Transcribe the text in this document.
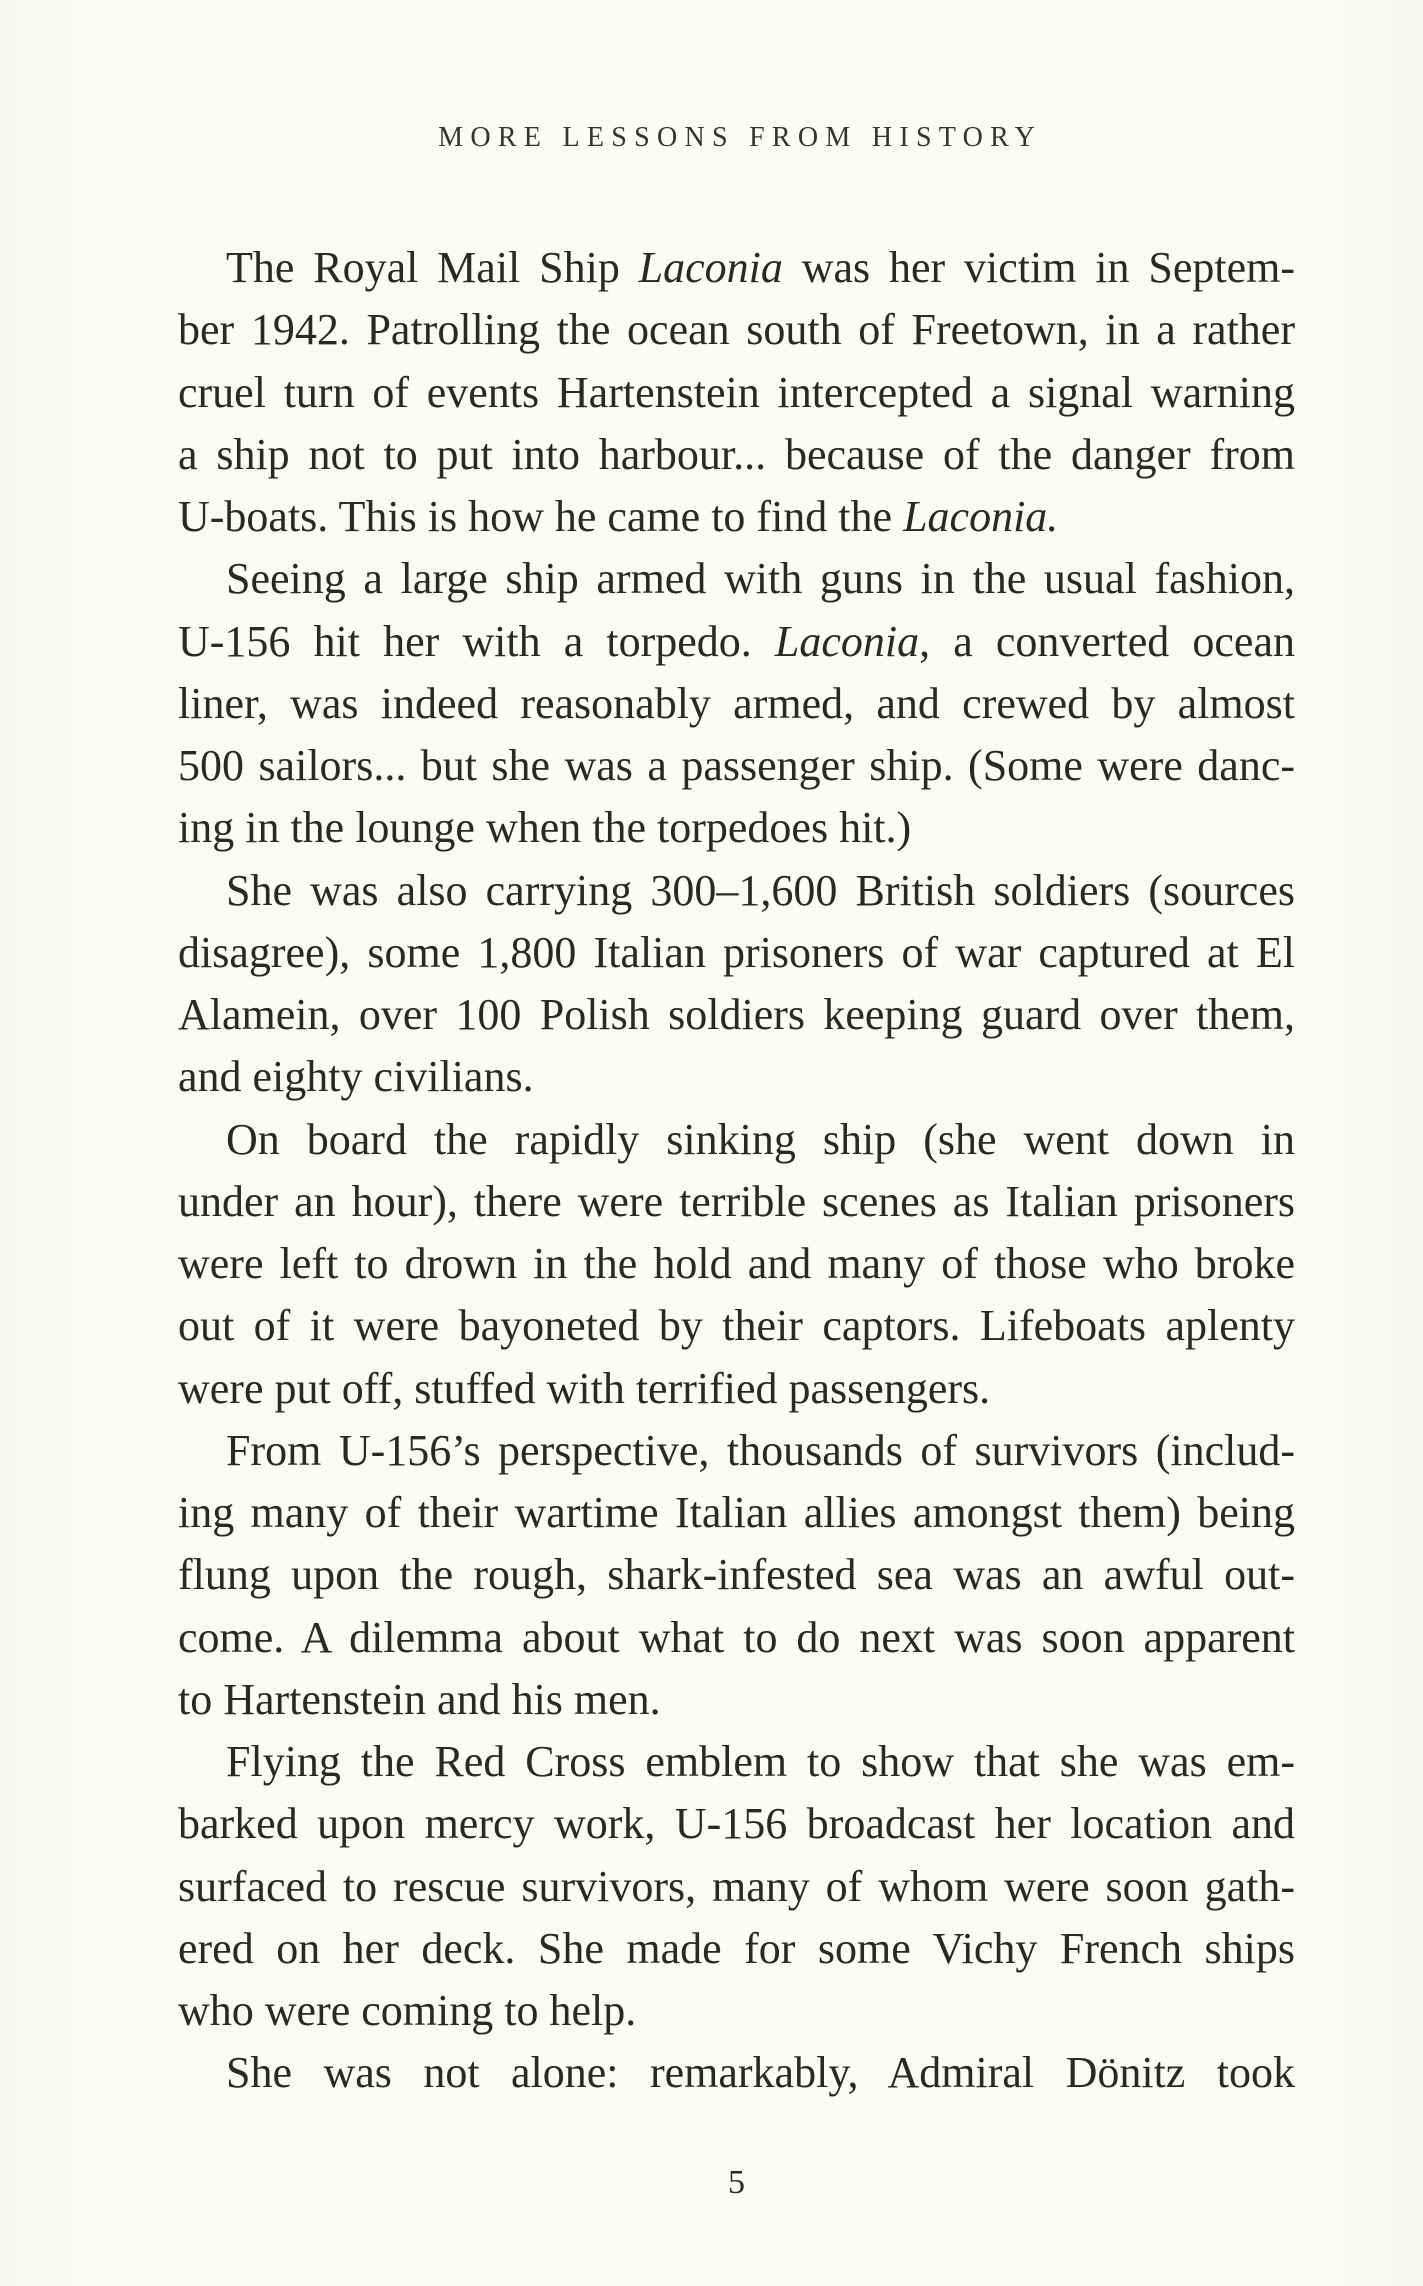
MORE LESSONS FROM HISTORY
The Royal Mail Ship Laconia was her victim in Septem-
ber 1942. Patrolling the ocean south of Freetown, in a rather
cruel turn of events Hartenstein intercepted a signal warning
a ship not to put into harbour... because of the danger from
U-boats. This is how he came to find the Laconia.
Seeing a large ship armed with guns in the usual fashion,
U-156 hit her with a torpedo. Laconia, a converted ocean
liner, was indeed reasonably armed, and crewed by almost
500 sailors... but she was a passenger ship. (Some were danc-
ing in the lounge when the torpedoes hit.)
She was also carrying 300–1,600 British soldiers (sources
disagree), some 1,800 Italian prisoners of war captured at El
Alamein, over 100 Polish soldiers keeping guard over them,
and eighty civilians.
On board the rapidly sinking ship (she went down in
under an hour), there were terrible scenes as Italian prisoners
were left to drown in the hold and many of those who broke
out of it were bayoneted by their captors. Lifeboats aplenty
were put off, stuffed with terrified passengers.
From U-156’s perspective, thousands of survivors (includ-
ing many of their wartime Italian allies amongst them) being
flung upon the rough, shark-infested sea was an awful out-
come. A dilemma about what to do next was soon apparent
to Hartenstein and his men.
Flying the Red Cross emblem to show that she was em-
barked upon mercy work, U-156 broadcast her location and
surfaced to rescue survivors, many of whom were soon gath-
ered on her deck. She made for some Vichy French ships
who were coming to help.
She was not alone: remarkably, Admiral Dönitz took
5
